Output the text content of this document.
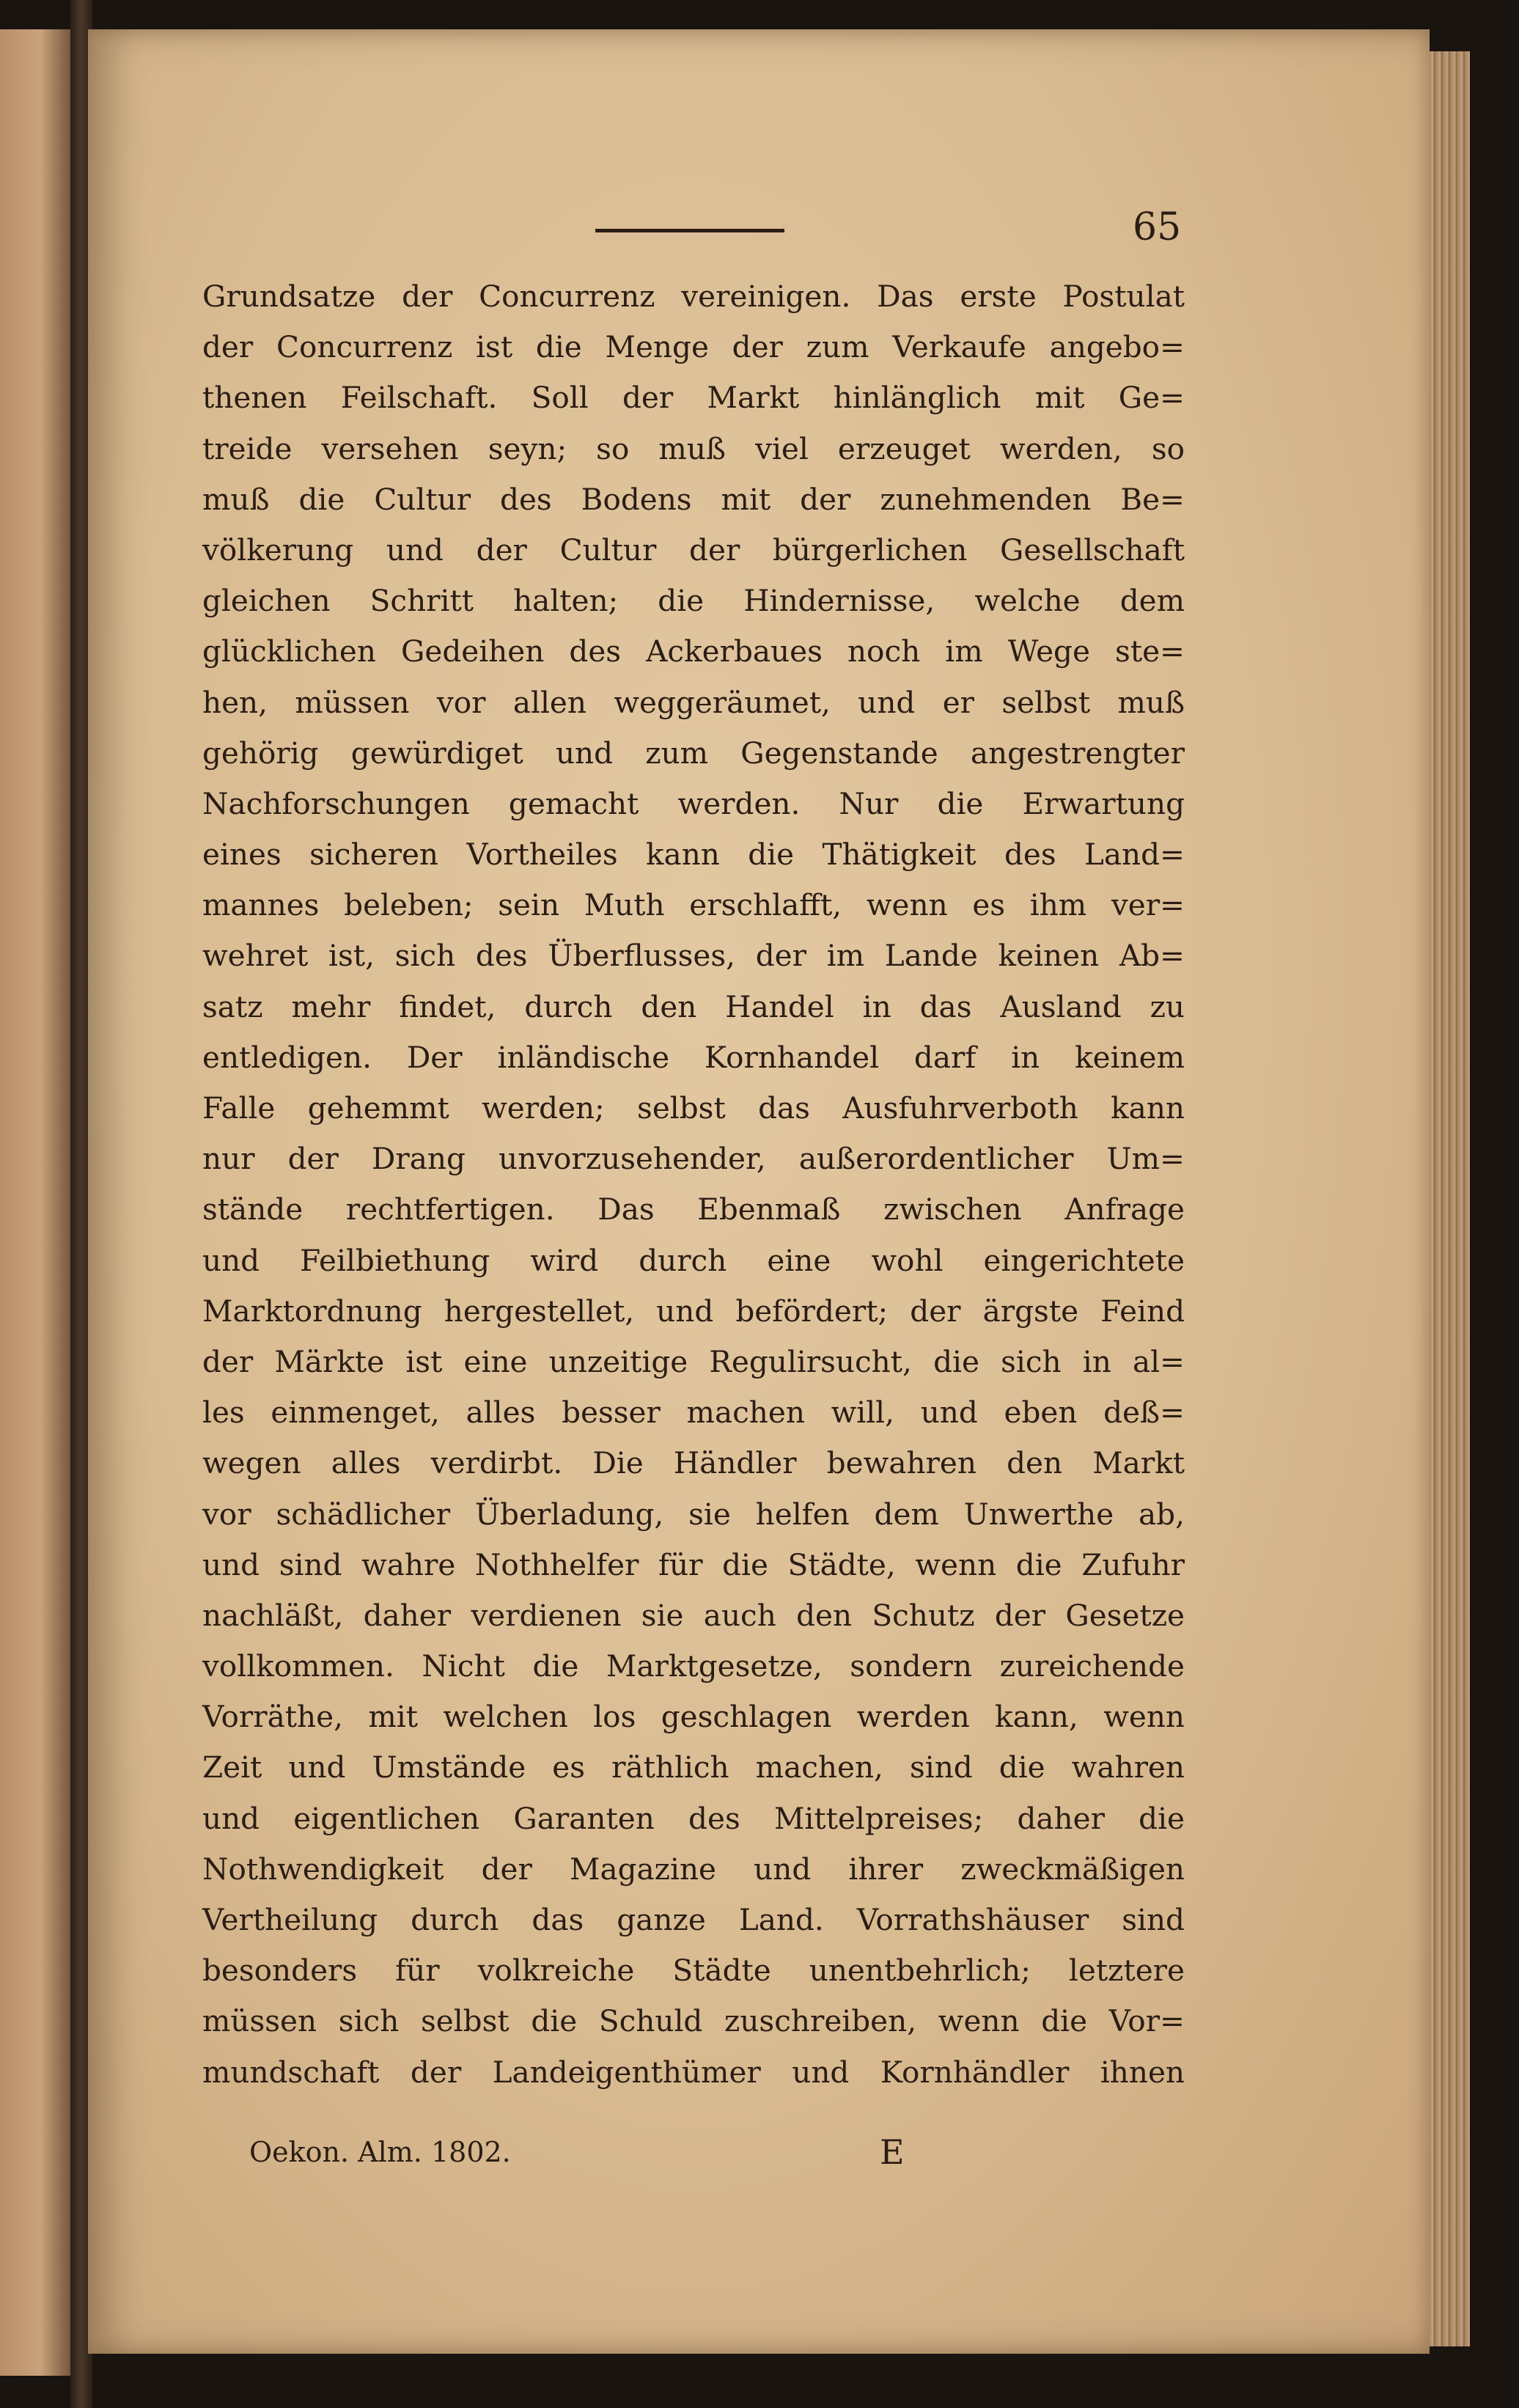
65
Grundsatze der Concurrenz vereinigen. Das erste Postulat
der Concurrenz ist die Menge der zum Verkaufe angebo=
thenen Feilschaft. Soll der Markt hinlänglich mit Ge=
treide versehen seyn; so muß viel erzeuget werden, so
muß die Cultur des Bodens mit der zunehmenden Be=
völkerung und der Cultur der bürgerlichen Gesellschaft
gleichen Schritt halten; die Hindernisse, welche dem
glücklichen Gedeihen des Ackerbaues noch im Wege ste=
hen, müssen vor allen weggeräumet, und er selbst muß
gehörig gewürdiget und zum Gegenstande angestrengter
Nachforschungen gemacht werden. Nur die Erwartung
eines sicheren Vortheiles kann die Thätigkeit des Land=
mannes beleben; sein Muth erschlafft, wenn es ihm ver=
wehret ist, sich des Überflusses, der im Lande keinen Ab=
satz mehr findet, durch den Handel in das Ausland zu
entledigen. Der inländische Kornhandel darf in keinem
Falle gehemmt werden; selbst das Ausfuhrverboth kann
nur der Drang unvorzusehender, außerordentlicher Um=
stände rechtfertigen. Das Ebenmaß zwischen Anfrage
und Feilbiethung wird durch eine wohl eingerichtete
Marktordnung hergestellet, und befördert; der ärgste Feind
der Märkte ist eine unzeitige Regulirsucht, die sich in al=
les einmenget, alles besser machen will, und eben deß=
wegen alles verdirbt. Die Händler bewahren den Markt
vor schädlicher Überladung, sie helfen dem Unwerthe ab,
und sind wahre Nothhelfer für die Städte, wenn die Zufuhr
nachläßt, daher verdienen sie auch den Schutz der Gesetze
vollkommen. Nicht die Marktgesetze, sondern zureichende
Vorräthe, mit welchen los geschlagen werden kann, wenn
Zeit und Umstände es räthlich machen, sind die wahren
und eigentlichen Garanten des Mittelpreises; daher die
Nothwendigkeit der Magazine und ihrer zweckmäßigen
Vertheilung durch das ganze Land. Vorrathshäuser sind
besonders für volkreiche Städte unentbehrlich; letztere
müssen sich selbst die Schuld zuschreiben, wenn die Vor=
mundschaft der Landeigenthümer und Kornhändler ihnen
Oekon. Alm. 1802.	E
